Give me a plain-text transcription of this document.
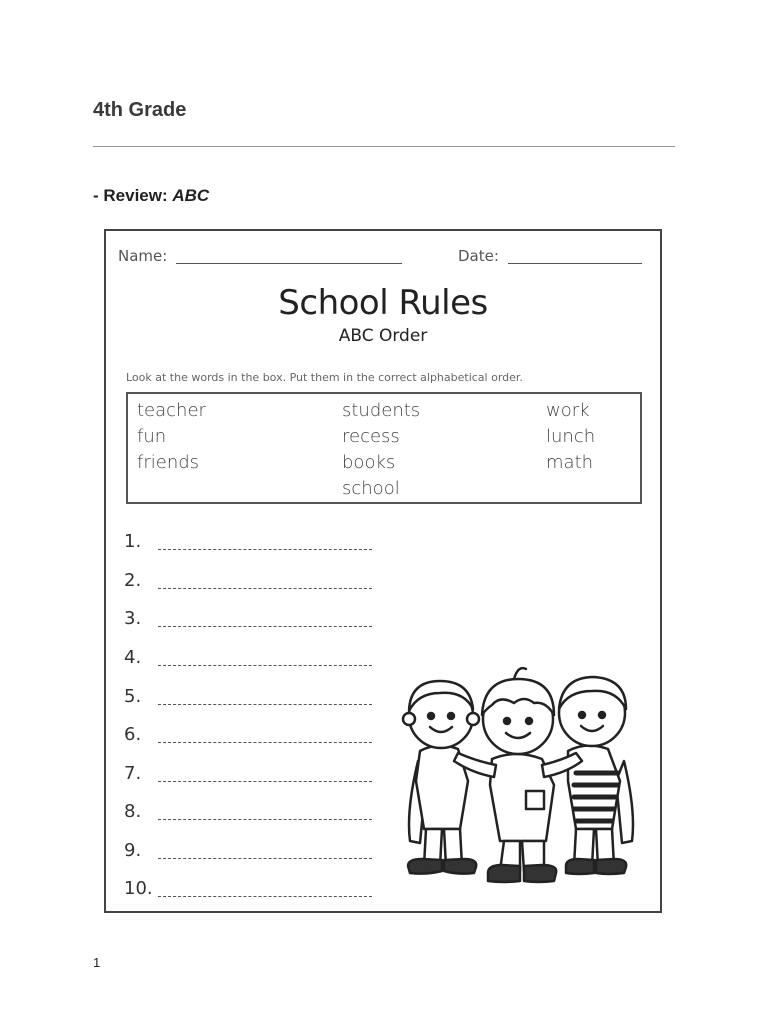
4th Grade
- Review: ABC
Name:	Date:
School Rules
ABC Order
Look at the words in the box. Put them in the correct alphabetical order.
teacher
fun
friends
students
recess
books
school
work
lunch
math
1.
2.
3.
4.
5.
6.
7.
8.
9.
10.
1
